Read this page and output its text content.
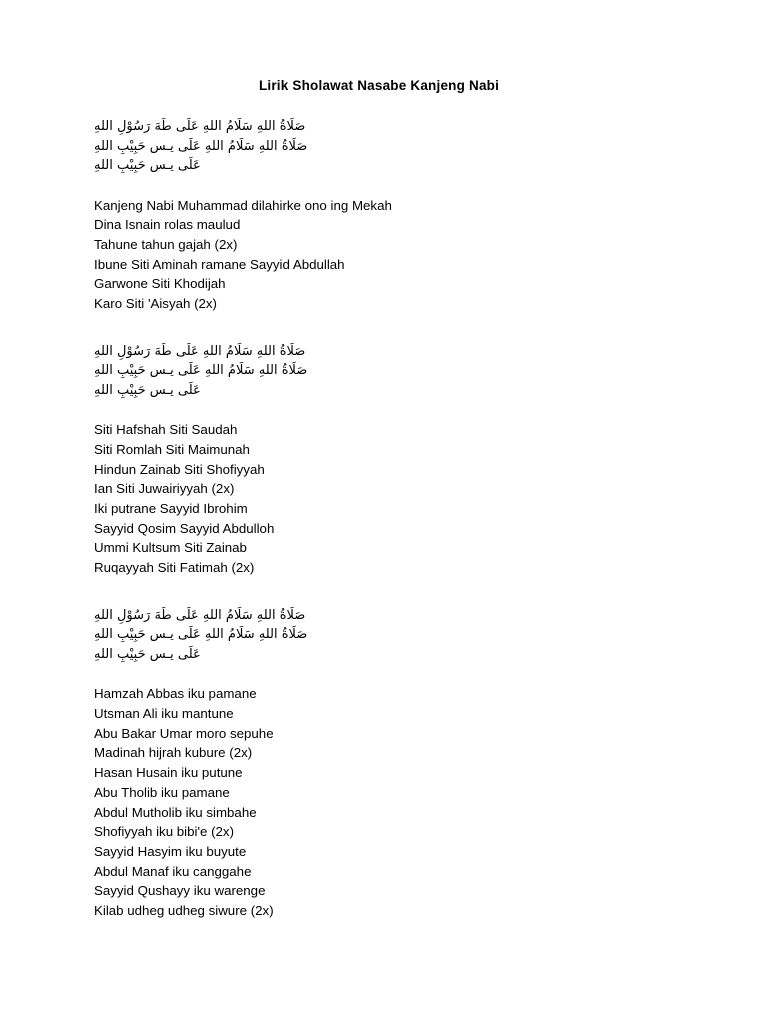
Lirik Sholawat Nasabe Kanjeng Nabi
صَلَاةُ اللهِ سَلَامُ اللهِ عَلَى طَهَ رَسُوْلِ اللهِ
صَلَاةُ اللهِ سَلَامُ اللهِ عَلَى يـس حَبِيْبِ اللهِ
عَلَى يـس حَبِيْبِ اللهِ
Kanjeng Nabi Muhammad dilahirke ono ing Mekah
Dina Isnain rolas maulud
Tahune tahun gajah (2x)
Ibune Siti Aminah ramane Sayyid Abdullah
Garwone Siti Khodijah
Karo Siti 'Aisyah (2x)
صَلَاةُ اللهِ سَلَامُ اللهِ عَلَى طَهَ رَسُوْلِ اللهِ
صَلَاةُ اللهِ سَلَامُ اللهِ عَلَى يـس حَبِيْبِ اللهِ
عَلَى يـس حَبِيْبِ اللهِ
Siti Hafshah Siti Saudah
Siti Romlah Siti Maimunah
Hindun Zainab Siti Shofiyyah
Ian Siti Juwairiyyah (2x)
Iki putrane Sayyid Ibrohim
Sayyid Qosim Sayyid Abdulloh
Ummi Kultsum Siti Zainab
Ruqayyah Siti Fatimah (2x)
صَلَاةُ اللهِ سَلَامُ اللهِ عَلَى طَهَ رَسُوْلِ اللهِ
صَلَاةُ اللهِ سَلَامُ اللهِ عَلَى يـس حَبِيْبِ اللهِ
عَلَى يـس حَبِيْبِ اللهِ
Hamzah Abbas iku pamane
Utsman Ali iku mantune
Abu Bakar Umar moro sepuhe
Madinah hijrah kubure (2x)
Hasan Husain iku putune
Abu Tholib iku pamane
Abdul Mutholib iku simbahe
Shofiyyah iku bibi'e (2x)
Sayyid Hasyim iku buyute
Abdul Manaf iku canggahe
Sayyid Qushayy iku warenge
Kilab udheg udheg siwure (2x)
